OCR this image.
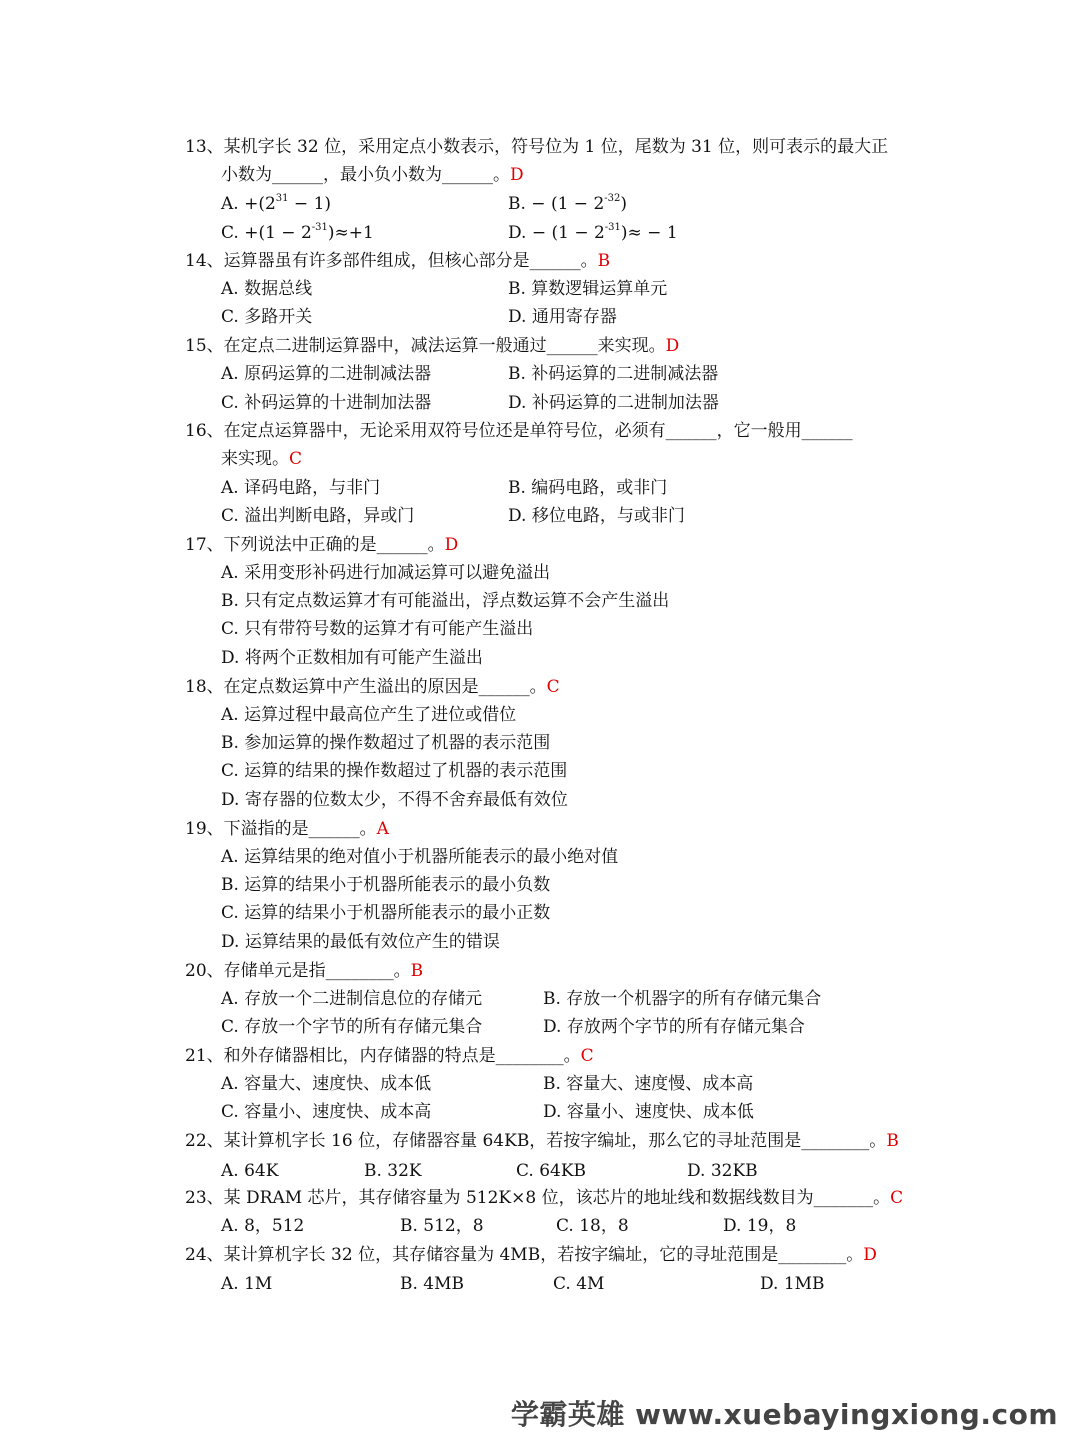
13、某机字长 32 位，采用定点小数表示，符号位为 1 位，尾数为 31 位，则可表示的最大正
小数为______，最小负小数为______。D
A. $+(2^{31} - 1)$	B. − $(1 - 2^{-32})$
C. $+(1 - 2^{-31})\approx+1$	D. − $(1 - 2^{-31})\approx - 1$
14、运算器虽有许多部件组成，但核心部分是______。B
A. 数据总线	B. 算数逻辑运算单元
C. 多路开关	D. 通用寄存器
15、在定点二进制运算器中，减法运算一般通过______来实现。D
A. 原码运算的二进制减法器	B. 补码运算的二进制减法器
C. 补码运算的十进制加法器	D. 补码运算的二进制加法器
16、在定点运算器中，无论采用双符号位还是单符号位，必须有______，它一般用______
来实现。C
A. 译码电路，与非门	B. 编码电路，或非门
C. 溢出判断电路，异或门	D. 移位电路，与或非门
17、下列说法中正确的是______。D
A. 采用变形补码进行加减运算可以避免溢出
B. 只有定点数运算才有可能溢出，浮点数运算不会产生溢出
C. 只有带符号数的运算才有可能产生溢出
D. 将两个正数相加有可能产生溢出
18、在定点数运算中产生溢出的原因是______。C
A. 运算过程中最高位产生了进位或借位
B. 参加运算的操作数超过了机器的表示范围
C. 运算的结果的操作数超过了机器的表示范围
D. 寄存器的位数太少，不得不舍弃最低有效位
19、下溢指的是______。A
A. 运算结果的绝对值小于机器所能表示的最小绝对值
B. 运算的结果小于机器所能表示的最小负数
C. 运算的结果小于机器所能表示的最小正数
D. 运算结果的最低有效位产生的错误
20、存储单元是指________。B
A. 存放一个二进制信息位的存储元	B. 存放一个机器字的所有存储元集合
C. 存放一个字节的所有存储元集合	D. 存放两个字节的所有存储元集合
21、和外存储器相比，内存储器的特点是________。C
A. 容量大、速度快、成本低	B. 容量大、速度慢、成本高
C. 容量小、速度快、成本高	D. 容量小、速度快、成本低
22、某计算机字长 16 位，存储器容量 64KB，若按字编址，那么它的寻址范围是________。B
A. 64K	B. 32K	C. 64KB	D. 32KB
23、某 DRAM 芯片，其存储容量为 512K×8 位，该芯片的地址线和数据线数目为_______。C
A. 8，512	B. 512，8	C. 18，8	D. 19，8
24、某计算机字长 32 位，其存储容量为 4MB，若按字编址，它的寻址范围是________。D
A. 1M	B. 4MB	C. 4M	D. 1MB
学霸英雄 www.xuebayingxiong.com
